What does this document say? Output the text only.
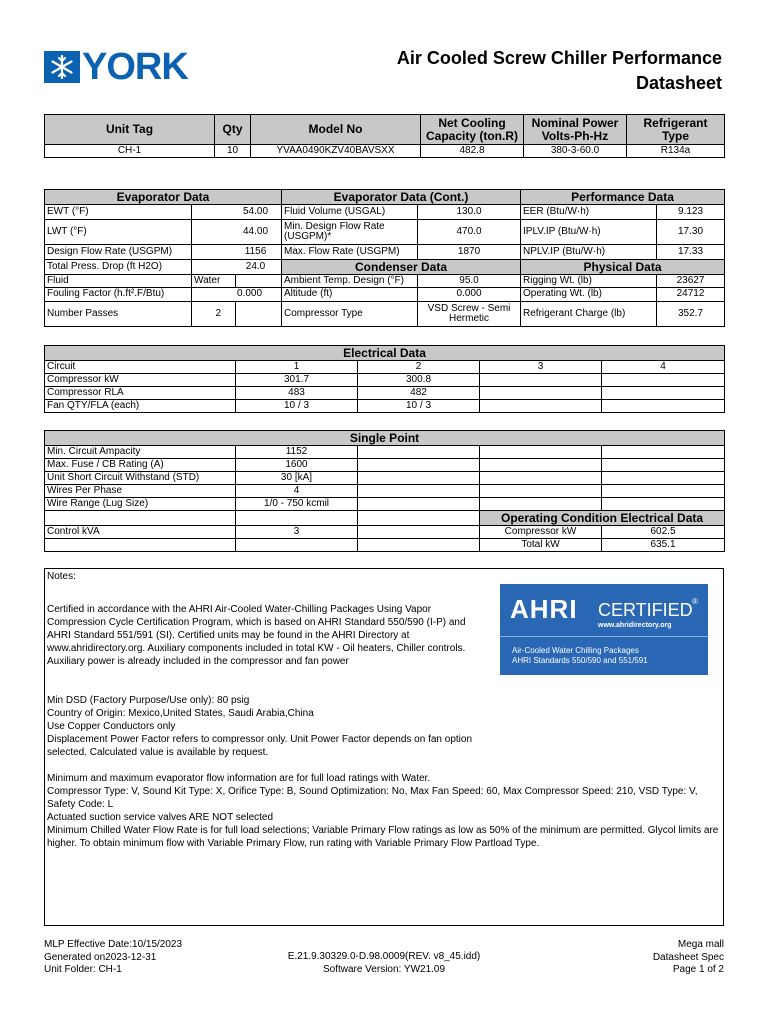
YORK	Air Cooled Screw Chiller Performance
Datasheet
Unit Tag	Qty	Model No	Net Cooling Capacity (ton.R)	Nominal Power Volts-Ph-Hz	Refrigerant Type
CH-1	10	YVAA0490KZV40BAVSXX	482.8	380-3-60.0	R134a
Evaporator Data			Evaporator Data (Cont.)		Performance Data	
EWT (°F)	54.00		Fluid Volume (USGAL)	130.0	EER (Btu/W·h)	9.123
LWT (°F)	44.00		Min. Design Flow Rate (USGPM)*	470.0	IPLV.IP (Btu/W·h)	17.30
Design Flow Rate (USGPM)	1156		Max. Flow Rate (USGPM)	1870	NPLV.IP (Btu/W·h)	17.33
Total Press. Drop (ft H2O)	24.0		Condenser Data		Physical Data	
Fluid	Water		Ambient Temp. Design (°F)	95.0	Rigging Wt. (lb)	23627
Fouling Factor (h.ft².F/Btu)	0.000		Altitude (ft)	0.000	Operating Wt. (lb)	24712
Number Passes	2		Compressor Type	VSD Screw - Semi Hermetic	Refrigerant Charge (lb)	352.7
Electrical Data				
Circuit	1	2	3	4
Compressor kW	301.7	300.8		
Compressor RLA	483	482		
Fan QTY/FLA (each)	10 / 3	10 / 3		
Single Point				
Min. Circuit Ampacity	1152			
Max. Fuse / CB Rating (A)	1600			
Unit Short Circuit Withstand (STD)	30 [kA]			
Wires Per Phase	4			
Wire Range (Lug Size)	1/0 - 750 kcmil			
			Operating Condition Electrical Data	
Control kVA	3		Compressor kW	602.5
			Total kW	635.1
Notes:
Certified in accordance with the AHRI Air-Cooled Water-Chilling Packages Using Vapor Compression Cycle Certification Program, which is based on AHRI Standard 550/590 (I-P) and AHRI Standard 551/591 (SI). Certified units may be found in the AHRI Directory at www.ahridirectory.org. Auxiliary components included in total KW - Oil heaters, Chiller controls. Auxiliary power is already included in the compressor and fan power
Min DSD (Factory Purpose/Use only): 80 psig
Country of Origin: Mexico,United States, Saudi Arabia,China
Use Copper Conductors only
Displacement Power Factor refers to compressor only. Unit Power Factor depends on fan option selected. Calculated value is available by request.
Minimum and maximum evaporator flow information are for full load ratings with Water.
Compressor Type: V, Sound Kit Type: X, Orifice Type: B, Sound Optimization: No, Max Fan Speed: 60, Max Compressor Speed: 210, VSD Type: V, Safety Code: L
Actuated suction service valves ARE NOT selected
Minimum Chilled Water Flow Rate is for full load selections; Variable Primary Flow ratings as low as 50% of the minimum are permitted. Glycol limits are higher. To obtain minimum flow with Variable Primary Flow, run rating with Variable Primary Flow Partload Type.
AHRI CERTIFIED ®
www.ahridirectory.org
Air-Cooled Water Chilling Packages
AHRI Standards 550/590 and 551/591
MLP Effective Date:10/15/2023
Generated on2023-12-31
Unit Folder: CH-1
E.21.9.30329.0-D.98.0009(REV. v8_45.idd)
Software Version: YW21.09
Mega mall
Datasheet Spec
Page 1 of 2
